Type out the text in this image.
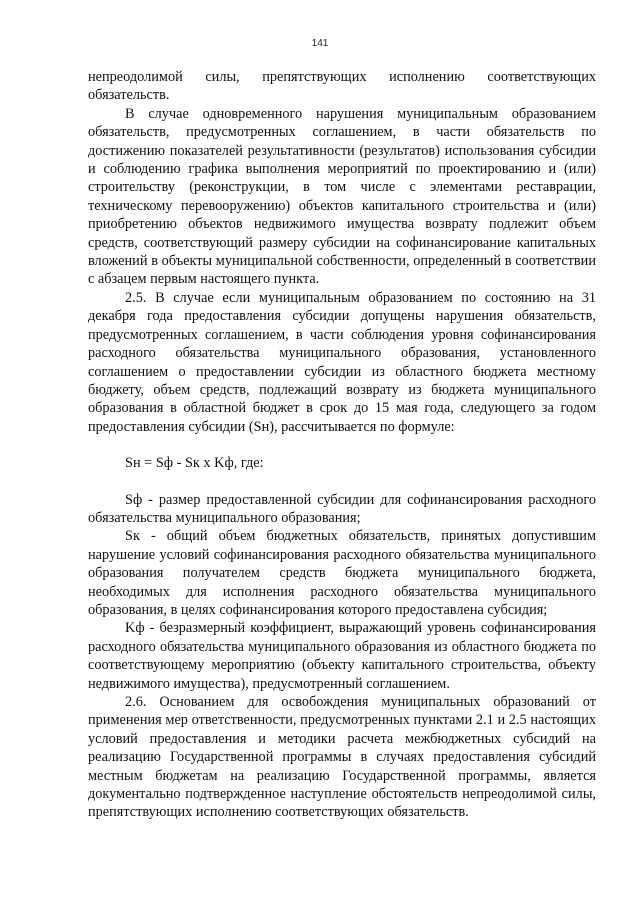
141

непреодолимой силы, препятствующих исполнению соответствующих обязательств.

В случае одновременного нарушения муниципальным образованием обязательств, предусмотренных соглашением, в части обязательств по достижению показателей результативности (результатов) использования субсидии и соблюдению графика выполнения мероприятий по проектированию и (или) строительству (реконструкции, в том числе с элементами реставрации, техническому перевооружению) объектов капитального строительства и (или) приобретению объектов недвижимого имущества возврату подлежит объем средств, соответствующий размеру субсидии на софинансирование капитальных вложений в объекты муниципальной собственности, определенный в соответствии с абзацем первым настоящего пункта.

2.5. В случае если муниципальным образованием по состоянию на 31 декабря года предоставления субсидии допущены нарушения обязательств, предусмотренных соглашением, в части соблюдения уровня софинансирования расходного обязательства муниципального образования, установленного соглашением о предоставлении субсидии из областного бюджета местному бюджету, объем средств, подлежащий возврату из бюджета муниципального образования в областной бюджет в срок до 15 мая года, следующего за годом предоставления субсидии (Sн), рассчитывается по формуле:

Sн = Sф - Sк х Kф, где:

Sф - размер предоставленной субсидии для софинансирования расходного обязательства муниципального образования;

Sк - общий объем бюджетных обязательств, принятых допустившим нарушение условий софинансирования расходного обязательства муниципального образования получателем средств бюджета муниципального бюджета, необходимых для исполнения расходного обязательства муниципального образования, в целях софинансирования которого предоставлена субсидия;

Kф - безразмерный коэффициент, выражающий уровень софинансирования расходного обязательства муниципального образования из областного бюджета по соответствующему мероприятию (объекту капитального строительства, объекту недвижимого имущества), предусмотренный соглашением.

2.6. Основанием для освобождения муниципальных образований от применения мер ответственности, предусмотренных пунктами 2.1 и 2.5 настоящих условий предоставления и методики расчета межбюджетных субсидий на реализацию Государственной программы в случаях предоставления субсидий местным бюджетам на реализацию Государственной программы, является документально подтвержденное наступление обстоятельств непреодолимой силы, препятствующих исполнению соответствующих обязательств.
